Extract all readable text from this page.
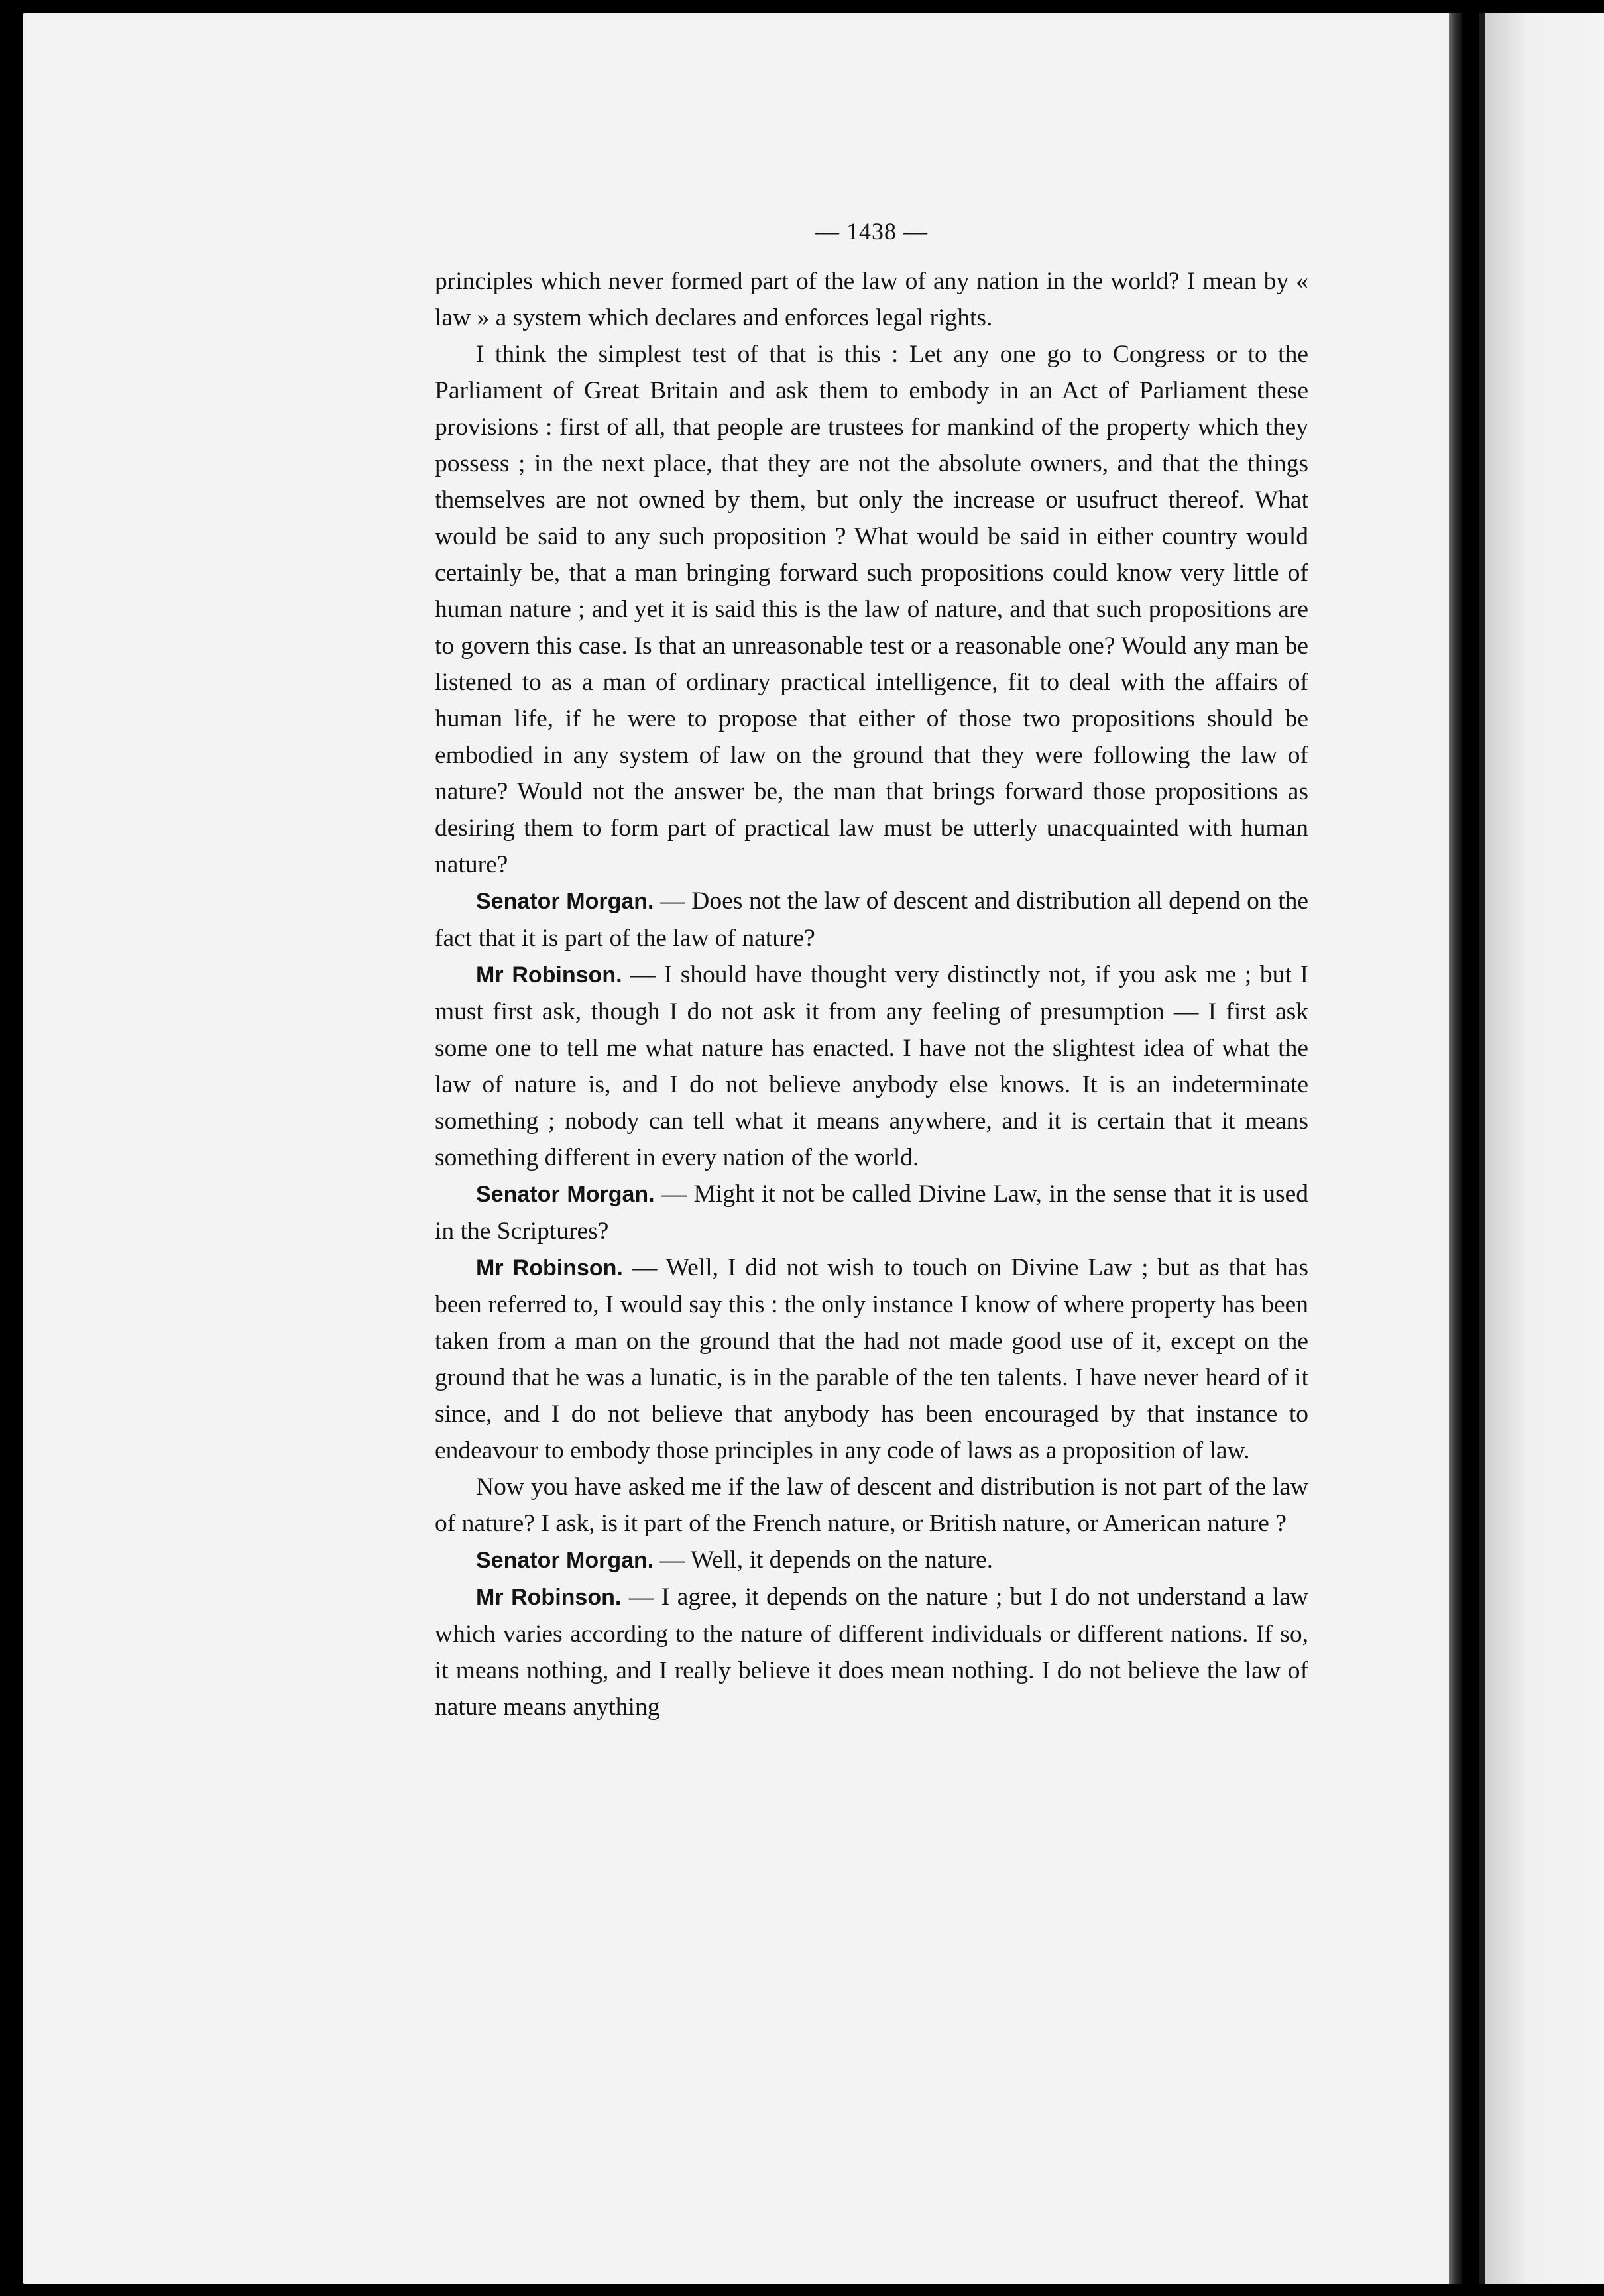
— 1438 —

principles which never formed part of the law of any nation in the world? I mean by « law » a system which declares and enforces legal rights.

I think the simplest test of that is this : Let any one go to Congress or to the Parliament of Great Britain and ask them to embody in an Act of Parliament these provisions : first of all, that people are trustees for mankind of the property which they possess ; in the next place, that they are not the absolute owners, and that the things themselves are not owned by them, but only the increase or usufruct thereof. What would be said to any such proposition ? What would be said in either country would certainly be, that a man bringing forward such propositions could know very little of human nature ; and yet it is said this is the law of nature, and that such propositions are to govern this case. Is that an unreasonable test or a reasonable one? Would any man be listened to as a man of ordinary practical intelligence, fit to deal with the affairs of human life, if he were to propose that either of those two propositions should be embodied in any system of law on the ground that they were following the law of nature? Would not the answer be, the man that brings forward those propositions as desiring them to form part of practical law must be utterly unacquainted with human nature?

Senator Morgan. — Does not the law of descent and distribution all depend on the fact that it is part of the law of nature?

Mr Robinson. — I should have thought very distinctly not, if you ask me ; but I must first ask, though I do not ask it from any feeling of presumption — I first ask some one to tell me what nature has enacted. I have not the slightest idea of what the law of nature is, and I do not believe anybody else knows. It is an indeterminate something ; nobody can tell what it means anywhere, and it is certain that it means something different in every nation of the world.

Senator Morgan. — Might it not be called Divine Law, in the sense that it is used in the Scriptures?

Mr Robinson. — Well, I did not wish to touch on Divine Law ; but as that has been referred to, I would say this : the only instance I know of where property has been taken from a man on the ground that the had not made good use of it, except on the ground that he was a lunatic, is in the parable of the ten talents. I have never heard of it since, and I do not believe that anybody has been encouraged by that instance to endeavour to embody those principles in any code of laws as a proposition of law.

Now you have asked me if the law of descent and distribution is not part of the law of nature? I ask, is it part of the French nature, or British nature, or American nature ?

Senator Morgan. — Well, it depends on the nature.

Mr Robinson. — I agree, it depends on the nature ; but I do not understand a law which varies according to the nature of different individuals or different nations. If so, it means nothing, and I really believe it does mean nothing. I do not believe the law of nature means anything
